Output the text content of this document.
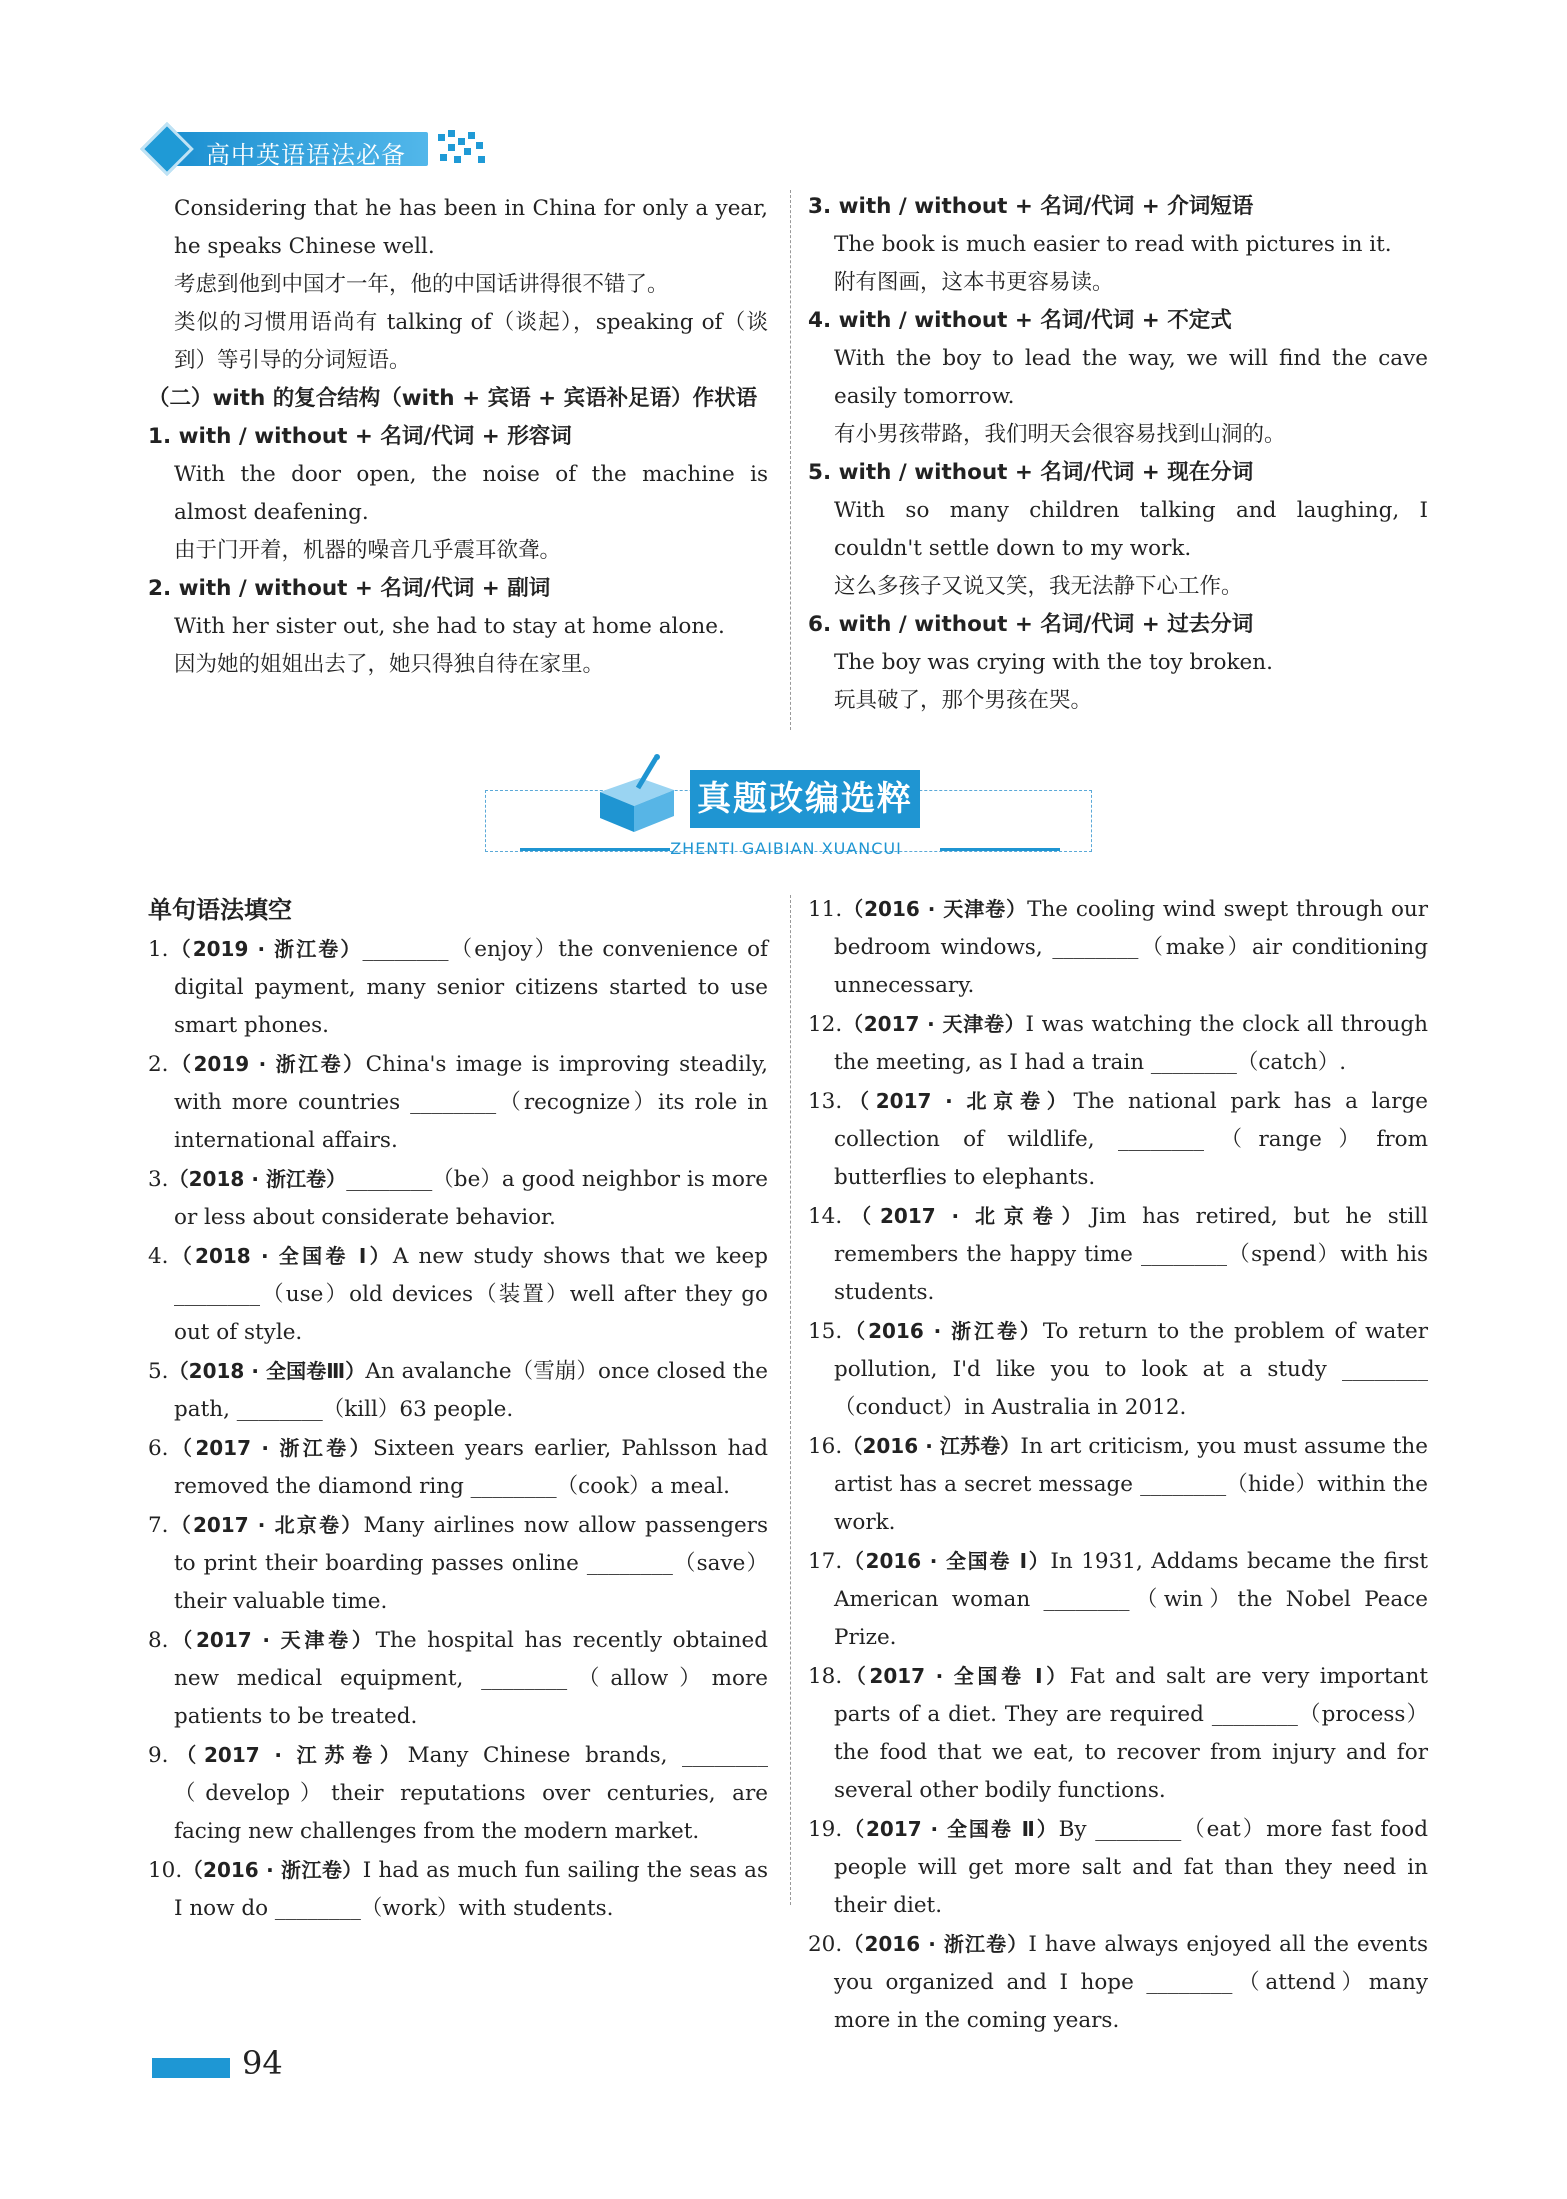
高中英语语法必备
Considering that he has been in China for only a year, he speaks Chinese well.
考虑到他到中国才一年，他的中国话讲得很不错了。
类似的习惯用语尚有 talking of（谈起），speaking of（谈到）等引导的分词短语。
（二）with 的复合结构（with + 宾语 + 宾语补足语）作状语
1. with / without + 名词/代词 + 形容词
With the door open, the noise of the machine is almost deafening.
由于门开着，机器的噪音几乎震耳欲聋。
2. with / without + 名词/代词 + 副词
With her sister out, she had to stay at home alone.
因为她的姐姐出去了，她只得独自待在家里。
3. with / without + 名词/代词 + 介词短语
The book is much easier to read with pictures in it.
附有图画，这本书更容易读。
4. with / without + 名词/代词 + 不定式
With the boy to lead the way, we will find the cave easily tomorrow.
有小男孩带路，我们明天会很容易找到山洞的。
5. with / without + 名词/代词 + 现在分词
With so many children talking and laughing, I couldn't settle down to my work.
这么多孩子又说又笑，我无法静下心工作。
6. with / without + 名词/代词 + 过去分词
The boy was crying with the toy broken.
玩具破了，那个男孩在哭。
真题改编选粹
ZHENTI GAIBIAN XUANCUI
单句语法填空
1.（2019 · 浙江卷）________（enjoy）the convenience of digital payment, many senior citizens started to use smart phones.
2.（2019 · 浙江卷）China's image is improving steadily, with more countries ________（recognize）its role in international affairs.
3.（2018 · 浙江卷）________（be）a good neighbor is more or less about considerate behavior.
4.（2018 · 全国卷 Ⅰ）A new study shows that we keep ________（use）old devices（装置）well after they go out of style.
5.（2018 · 全国卷Ⅲ）An avalanche（雪崩）once closed the path, ________（kill）63 people.
6.（2017 · 浙江卷）Sixteen years earlier, Pahlsson had removed the diamond ring ________（cook）a meal.
7.（2017 · 北京卷）Many airlines now allow passengers to print their boarding passes online ________（save）their valuable time.
8.（2017 · 天津卷）The hospital has recently obtained new medical equipment, ________（allow）more patients to be treated.
9.（2017 · 江苏卷）Many Chinese brands, ________（develop）their reputations over centuries, are facing new challenges from the modern market.
10.（2016 · 浙江卷）I had as much fun sailing the seas as I now do ________（work）with students.
11.（2016 · 天津卷）The cooling wind swept through our bedroom windows, ________（make）air conditioning unnecessary.
12.（2017 · 天津卷）I was watching the clock all through the meeting, as I had a train ________（catch）.
13.（2017 · 北京卷）The national park has a large collection of wildlife, ________（range）from butterflies to elephants.
14.（2017 · 北京卷）Jim has retired, but he still remembers the happy time ________（spend）with his students.
15.（2016 · 浙江卷）To return to the problem of water pollution, I'd like you to look at a study ________（conduct）in Australia in 2012.
16.（2016 · 江苏卷）In art criticism, you must assume the artist has a secret message ________（hide）within the work.
17.（2016 · 全国卷 Ⅰ）In 1931, Addams became the first American woman ________（win）the Nobel Peace Prize.
18.（2017 · 全国卷 Ⅰ）Fat and salt are very important parts of a diet. They are required ________（process）the food that we eat, to recover from injury and for several other bodily functions.
19.（2017 · 全国卷 Ⅱ）By ________（eat）more fast food people will get more salt and fat than they need in their diet.
20.（2016 · 浙江卷）I have always enjoyed all the events you organized and I hope ________（attend）many more in the coming years.
94
